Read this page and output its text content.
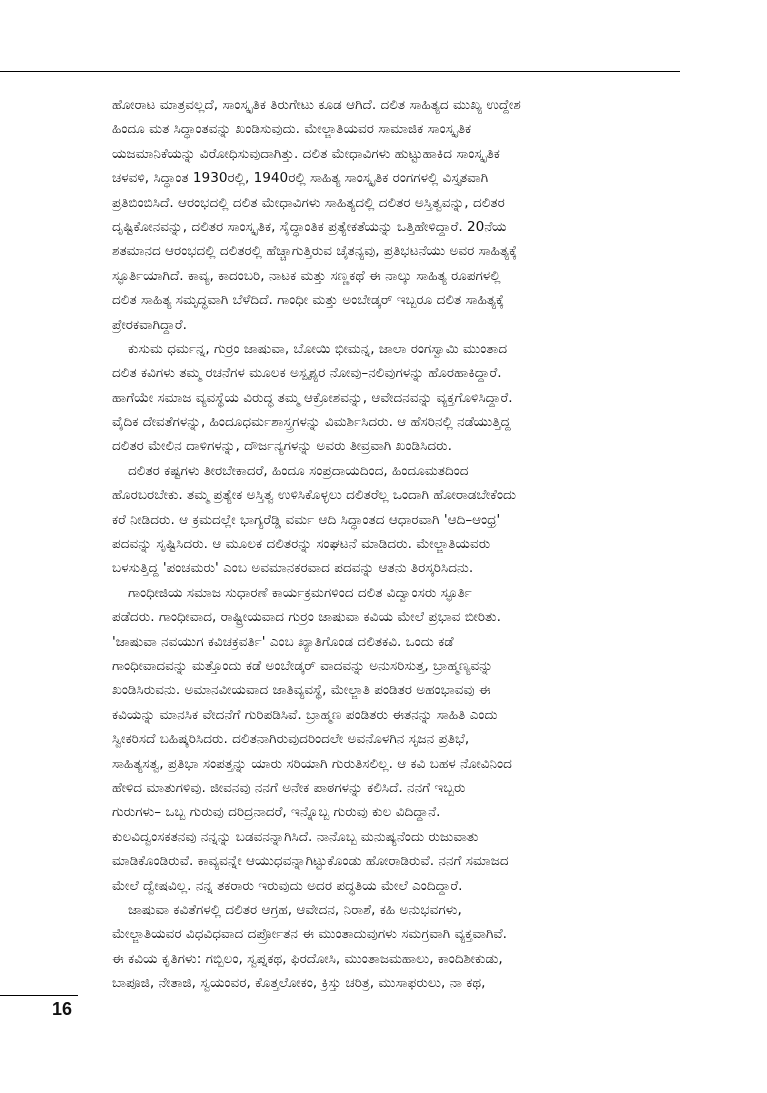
ಹೋರಾಟ ಮಾತ್ರವಲ್ಲದೆ, ಸಾಂಸ್ಕೃತಿಕ ತಿರುಗೇಟು ಕೂಡ ಆಗಿದೆ. ದಲಿತ ಸಾಹಿತ್ಯದ ಮುಖ್ಯ ಉದ್ದೇಶ
ಹಿಂದೂ ಮತ ಸಿದ್ಧಾಂತವನ್ನು ಖಂಡಿಸುವುದು. ಮೇಲ್ಜಾತಿಯವರ ಸಾಮಾಜಿಕ ಸಾಂಸ್ಕೃತಿಕ
ಯಜಮಾನಿಕೆಯನ್ನು ವಿರೋಧಿಸುವುದಾಗಿತ್ತು. ದಲಿತ ಮೇಧಾವಿಗಳು ಹುಟ್ಟುಹಾಕಿದ ಸಾಂಸ್ಕೃತಿಕ
ಚಳವಳಿ, ಸಿದ್ಧಾಂತ 1930ರಲ್ಲಿ, 1940ರಲ್ಲಿ ಸಾಹಿತ್ಯ ಸಾಂಸ್ಕೃತಿಕ ರಂಗಗಳಲ್ಲಿ ವಿಸ್ತೃತವಾಗಿ
ಪ್ರತಿಬಿಂಬಿಸಿದೆ. ಆರಂಭದಲ್ಲಿ ದಲಿತ ಮೇಧಾವಿಗಳು ಸಾಹಿತ್ಯದಲ್ಲಿ ದಲಿತರ ಅಸ್ತಿತ್ವವನ್ನು, ದಲಿತರ
ದೃಷ್ಟಿಕೋನವನ್ನು, ದಲಿತರ ಸಾಂಸ್ಕೃತಿಕ, ಸೈದ್ಧಾಂತಿಕ ಪ್ರತ್ಯೇಕತೆಯನ್ನು ಒತ್ತಿಹೇಳಿದ್ದಾರೆ. 20ನೆಯ
ಶತಮಾನದ ಆರಂಭದಲ್ಲಿ ದಲಿತರಲ್ಲಿ ಹೆಚ್ಚಾಗುತ್ತಿರುವ ಚೈತನ್ಯವು, ಪ್ರತಿಭಟನೆಯು ಅವರ ಸಾಹಿತ್ಯಕ್ಕೆ
ಸ್ಫೂರ್ತಿಯಾಗಿದೆ. ಕಾವ್ಯ, ಕಾದಂಬರಿ, ನಾಟಕ ಮತ್ತು ಸಣ್ಣಕಥೆ ಈ ನಾಲ್ಕು ಸಾಹಿತ್ಯ ರೂಪಗಳಲ್ಲಿ
ದಲಿತ ಸಾಹಿತ್ಯ ಸಮೃದ್ಧವಾಗಿ ಬೆಳೆದಿದೆ. ಗಾಂಧೀ ಮತ್ತು ಅಂಬೇಡ್ಕರ್ ಇಬ್ಬರೂ ದಲಿತ ಸಾಹಿತ್ಯಕ್ಕೆ
ಪ್ರೇರಕವಾಗಿದ್ದಾರೆ.
ಕುಸುಮ ಧರ್ಮನ್ನ, ಗುರ್ರಂ ಜಾಷುವಾ, ಬೋಯಿ ಭೀಮನ್ನ, ಜಾಲಾ ರಂಗಸ್ವಾಮಿ ಮುಂತಾದ
ದಲಿತ ಕವಿಗಳು ತಮ್ಮ ರಚನೆಗಳ ಮೂಲಕ ಅಸ್ಪೃಶ್ಯರ ನೋವು–ನಲಿವುಗಳನ್ನು ಹೊರಹಾಕಿದ್ದಾರೆ.
ಹಾಗೆಯೇ ಸಮಾಜ ವ್ಯವಸ್ಥೆಯ ವಿರುದ್ಧ ತಮ್ಮ ಆಕ್ರೋಶವನ್ನು, ಆವೇದನವನ್ನು ವ್ಯಕ್ತಗೊಳಿಸಿದ್ದಾರೆ.
ವೈದಿಕ ದೇವತೆಗಳನ್ನು, ಹಿಂದೂಧರ್ಮಶಾಸ್ತ್ರಗಳನ್ನು ವಿಮರ್ಶಿಸಿದರು. ಆ ಹೆಸರಿನಲ್ಲಿ ನಡೆಯುತ್ತಿದ್ದ
ದಲಿತರ ಮೇಲಿನ ದಾಳಿಗಳನ್ನು, ದೌರ್ಜನ್ಯಗಳನ್ನು ಅವರು ತೀವ್ರವಾಗಿ ಖಂಡಿಸಿದರು.
ದಲಿತರ ಕಷ್ಟಗಳು ತೀರಬೇಕಾದರೆ, ಹಿಂದೂ ಸಂಪ್ರದಾಯದಿಂದ, ಹಿಂದೂಮತದಿಂದ
ಹೊರಬರಬೇಕು. ತಮ್ಮ ಪ್ರತ್ಯೇಕ ಅಸ್ತಿತ್ವ ಉಳಿಸಿಕೊಳ್ಳಲು ದಲಿತರೆಲ್ಲ ಒಂದಾಗಿ ಹೋರಾಡಬೇಕೆಂದು
ಕರೆ ನೀಡಿದರು. ಆ ಕ್ರಮದಲ್ಲೇ ಭಾಗ್ಯರೆಡ್ಡಿ ವರ್ಮ ಆದಿ ಸಿದ್ಧಾಂತದ ಆಧಾರವಾಗಿ 'ಆದಿ–ಆಂಧ್ರ'
ಪದವನ್ನು ಸೃಷ್ಟಿಸಿದರು. ಆ ಮೂಲಕ ದಲಿತರನ್ನು ಸಂಘಟನೆ ಮಾಡಿದರು. ಮೇಲ್ಜಾತಿಯವರು
ಬಳಸುತ್ತಿದ್ದ 'ಪಂಚಮರು' ಎಂಬ ಅವಮಾನಕರವಾದ ಪದವನ್ನು ಆತನು ತಿರಸ್ಕರಿಸಿದನು.
ಗಾಂಧೀಜಿಯ ಸಮಾಜ ಸುಧಾರಣೆ ಕಾರ್ಯಕ್ರಮಗಳಿಂದ ದಲಿತ ವಿದ್ವಾಂಸರು ಸ್ಫೂರ್ತಿ
ಪಡೆದರು. ಗಾಂಧೀವಾದ, ರಾಷ್ಟ್ರೀಯವಾದ ಗುರ್ರಂ ಜಾಷುವಾ ಕವಿಯ ಮೇಲೆ ಪ್ರಭಾವ ಬೀರಿತು.
'ಜಾಷುವಾ ನವಯುಗ ಕವಿಚಕ್ರವರ್ತಿ' ಎಂಬ ಖ್ಯಾತಿಗೊಂಡ ದಲಿತಕವಿ. ಒಂದು ಕಡೆ
ಗಾಂಧೀವಾದವನ್ನು ಮತ್ತೊಂದು ಕಡೆ ಅಂಬೇಡ್ಕರ್ ವಾದವನ್ನು ಅನುಸರಿಸುತ್ತ, ಬ್ರಾಹ್ಮಣ್ಯವನ್ನು
ಖಂಡಿಸಿರುವನು. ಅಮಾನವೀಯವಾದ ಜಾತಿವ್ಯವಸ್ಥೆ, ಮೇಲ್ಜಾತಿ ಪಂಡಿತರ ಅಹಂಭಾವವು ಈ
ಕವಿಯನ್ನು ಮಾನಸಿಕ ವೇದನೆಗೆ ಗುರಿಪಡಿಸಿವೆ. ಬ್ರಾಹ್ಮಣ ಪಂಡಿತರು ಈತನನ್ನು ಸಾಹಿತಿ ಎಂದು
ಸ್ವೀಕರಿಸದೆ ಬಹಿಷ್ಕರಿಸಿದರು. ದಲಿತನಾಗಿರುವುದರಿಂದಲೇ ಅವನೊಳಗಿನ ಸೃಜನ ಪ್ರತಿಭೆ,
ಸಾಹಿತ್ಯಸತ್ವ, ಪ್ರತಿಭಾ ಸಂಪತ್ತನ್ನು ಯಾರು ಸರಿಯಾಗಿ ಗುರುತಿಸಲಿಲ್ಲ. ಆ ಕವಿ ಬಹಳ ನೋವಿನಿಂದ
ಹೇಳಿದ ಮಾತುಗಳಿವು. ಜೀವನವು ನನಗೆ ಅನೇಕ ಪಾಠಗಳನ್ನು ಕಲಿಸಿದೆ. ನನಗೆ ಇಬ್ಬರು
ಗುರುಗಳು– ಒಬ್ಬ ಗುರುವು ದರಿದ್ರನಾದರೆ, ಇನ್ನೊಬ್ಬ ಗುರುವು ಕುಲ ವಿದಿದ್ದಾನೆ.
ಕುಲವಿದ್ವಂಸಕತನವು ನನ್ನನ್ನು ಬಡವನನ್ನಾಗಿಸಿದೆ. ನಾನೊಬ್ಬ ಮನುಷ್ಯನೆಂದು ರುಜುವಾತು
ಮಾಡಿಕೊಂಡಿರುವೆ. ಕಾವ್ಯವನ್ನೇ ಆಯುಧವನ್ನಾಗಿಟ್ಟುಕೊಂಡು ಹೋರಾಡಿರುವೆ. ನನಗೆ ಸಮಾಜದ
ಮೇಲೆ ದ್ವೇಷವಿಲ್ಲ. ನನ್ನ ತಕರಾರು ಇರುವುದು ಅದರ ಪದ್ಧತಿಯ ಮೇಲೆ ಎಂದಿದ್ದಾರೆ.
ಜಾಷುವಾ ಕವಿತೆಗಳಲ್ಲಿ ದಲಿತರ ಆಗ್ರಹ, ಆವೇದನ, ನಿರಾಶೆ, ಕಹಿ ಅನುಭವಗಳು,
ಮೇಲ್ಜಾತಿಯವರ ವಿಧವಿಧವಾದ ದರ್ಪ್ರೋತನ ಈ ಮುಂತಾದುವುಗಳು ಸಮಗ್ರವಾಗಿ ವ್ಯಕ್ತವಾಗಿವೆ.
ಈ ಕವಿಯ ಕೃತಿಗಳು: ಗಬ್ಬಿಲಂ, ಸ್ವಪ್ನಕಥ, ಫಿರದೋಸಿ, ಮುಂತಾಜಮಹಾಲು, ಕಾಂದಿಶೀಕುಡು,
ಬಾಪೂಜಿ, ನೇತಾಜಿ, ಸ್ವಯಂವರ, ಕೊತ್ತಲೋಕಂ, ಕ್ರಿಸ್ತು ಚರಿತ್ರ, ಮುಸಾಫರುಲು, ನಾ ಕಥ,
16
